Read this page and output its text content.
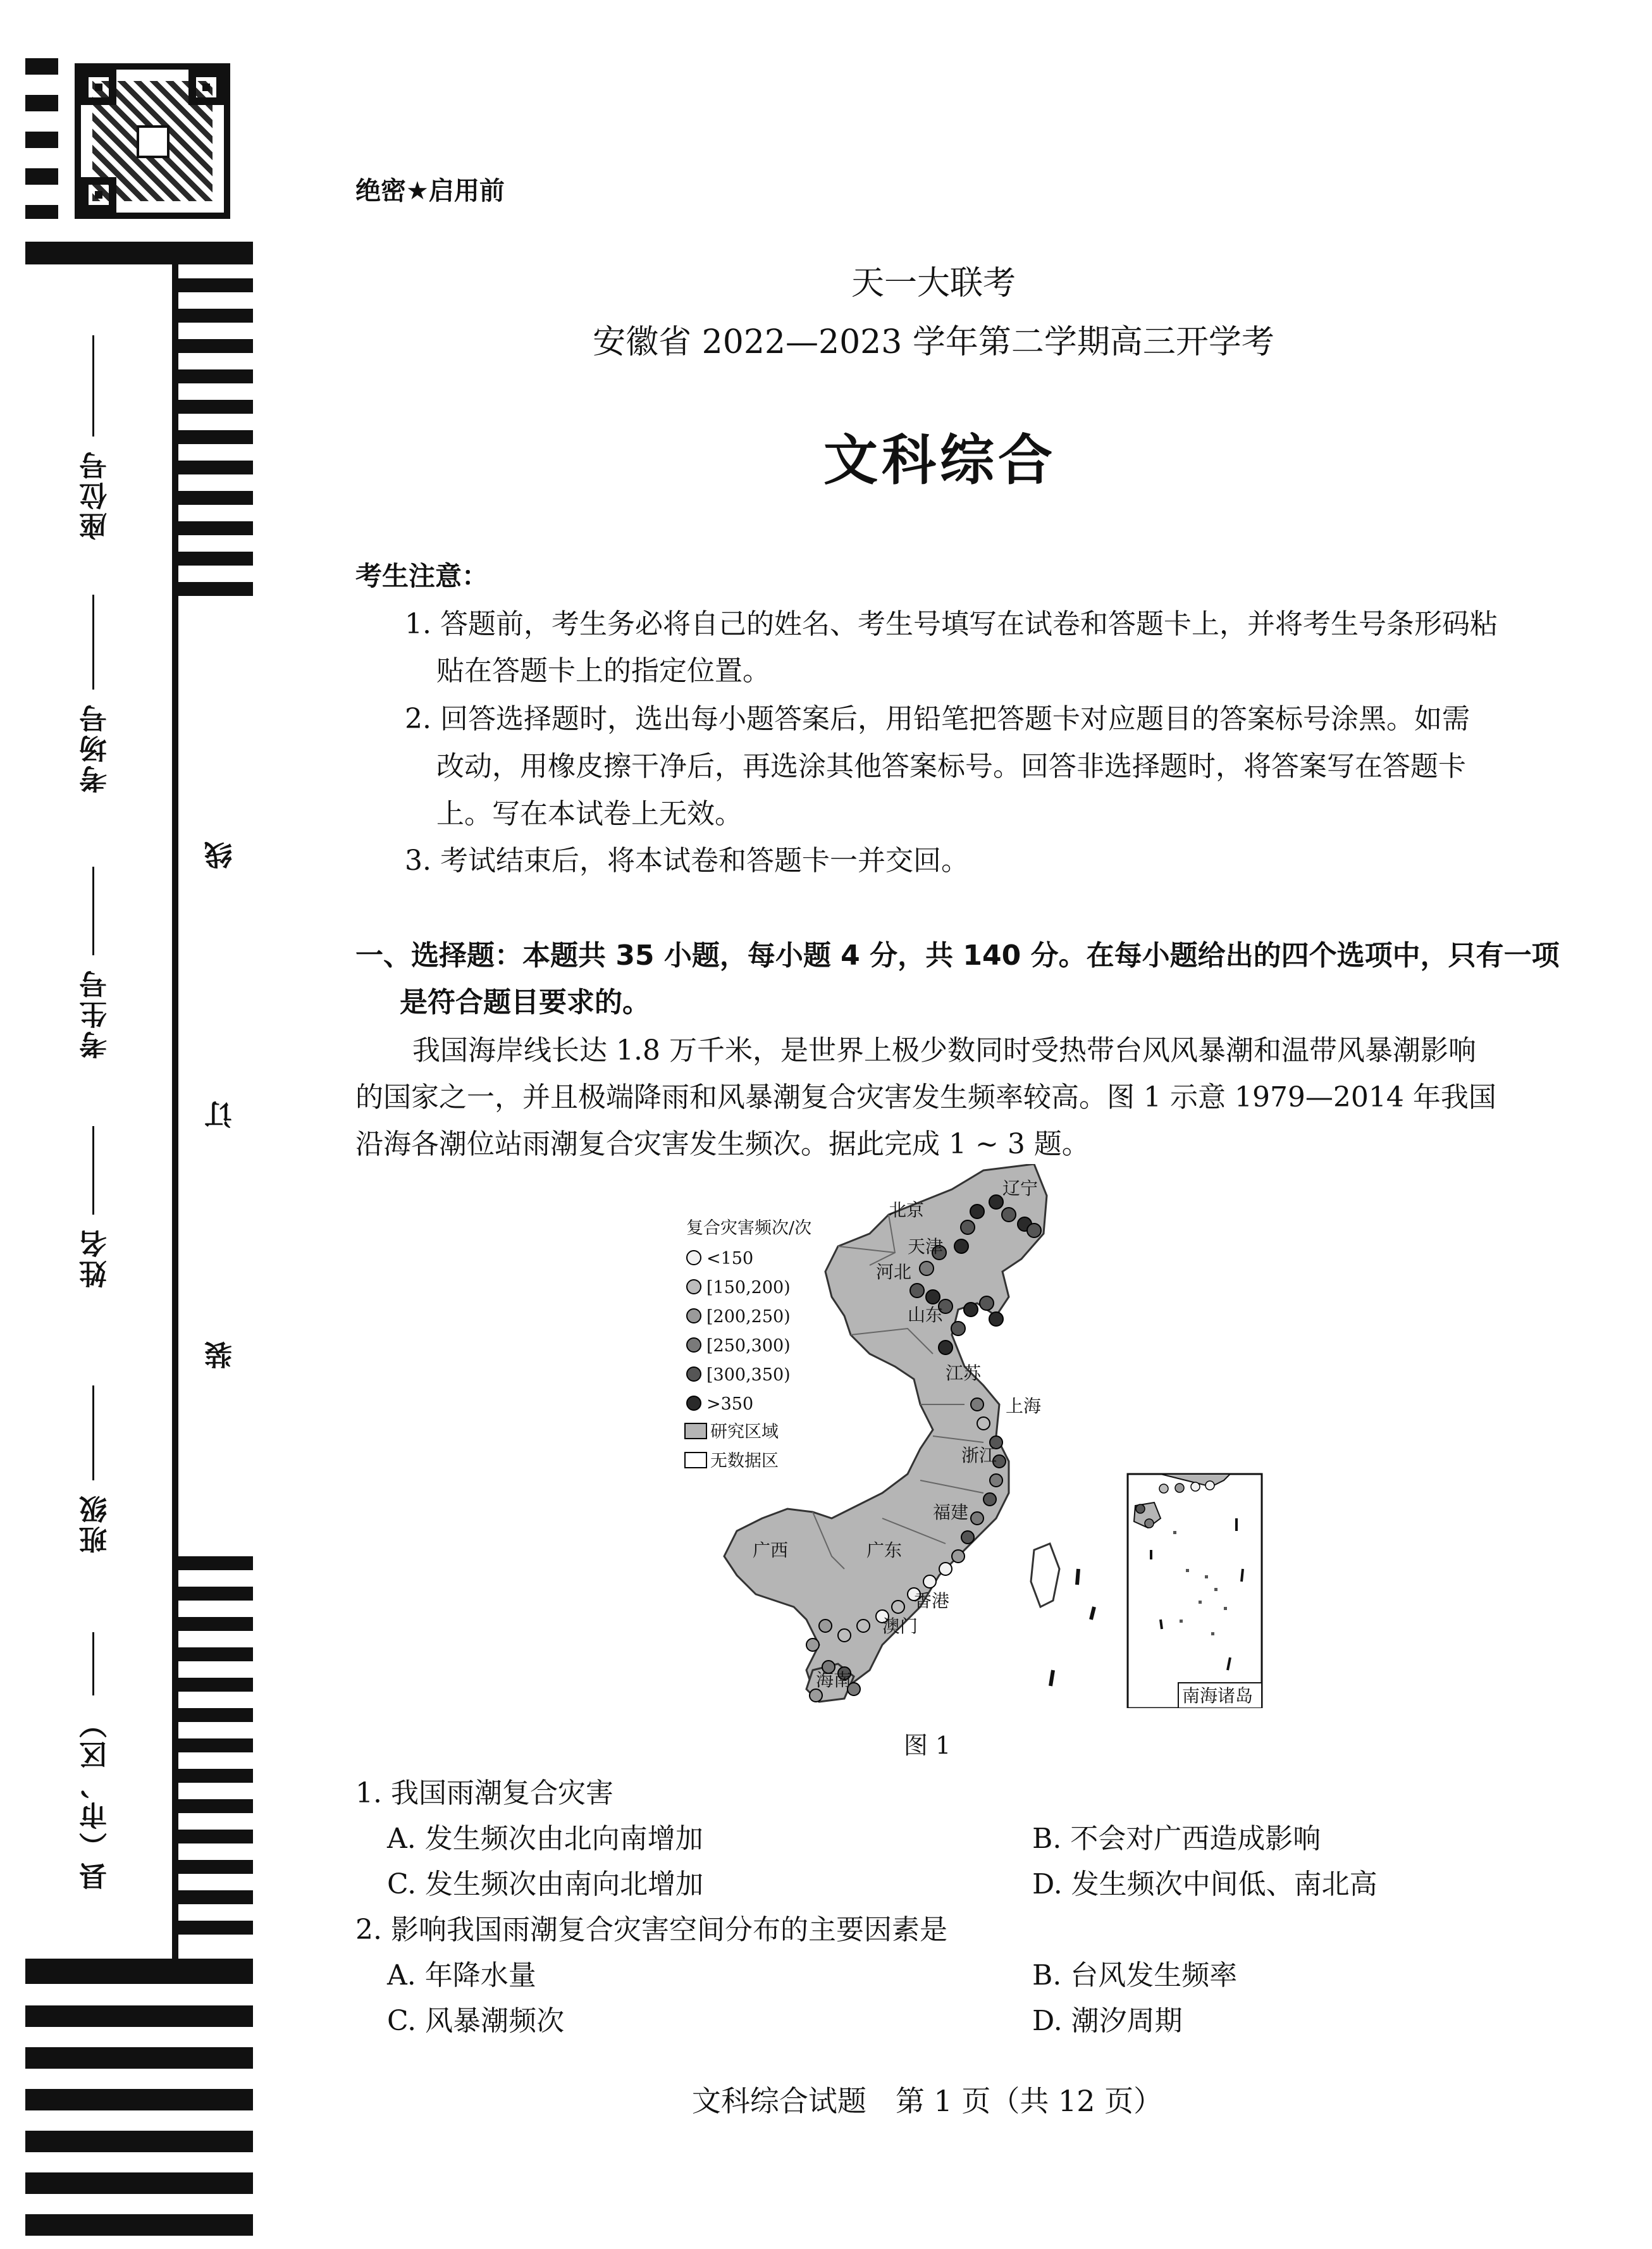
座位号
考场号
考生号
姓名
班级
县（市、区）
线
订
装
绝密★启用前
天一大联考
安徽省 2022—2023 学年第二学期高三开学考
文科综合
考生注意：
1. 答题前，考生务必将自己的姓名、考生号填写在试卷和答题卡上，并将考生号条形码粘
贴在答题卡上的指定位置。
2. 回答选择题时，选出每小题答案后，用铅笔把答题卡对应题目的答案标号涂黑。如需
改动，用橡皮擦干净后，再选涂其他答案标号。回答非选择题时，将答案写在答题卡
上。写在本试卷上无效。
3. 考试结束后，将本试卷和答题卡一并交回。
一、选择题：本题共 35 小题，每小题 4 分，共 140 分。在每小题给出的四个选项中，只有一项
是符合题目要求的。
我国海岸线长达 1.8 万千米，是世界上极少数同时受热带台风风暴潮和温带风暴潮影响
的国家之一，并且极端降雨和风暴潮复合灾害发生频率较高。图 1 示意 1979—2014 年我国
沿海各潮位站雨潮复合灾害发生频次。据此完成 1 ~ 3 题。
辽宁
北京
天津
河北
山东
江苏
上海
浙江
福建
广东
广西
香港
澳门
海南
复合灾害频次/次
<150
[150,200)
[200,250)
[250,300)
[300,350)
>350
研究区域
无数据区
南海诸岛
图 1
1. 我国雨潮复合灾害
A. 发生频次由北向南增加	B. 不会对广西造成影响
C. 发生频次由南向北增加	D. 发生频次中间低、南北高
2. 影响我国雨潮复合灾害空间分布的主要因素是
A. 年降水量	B. 台风发生频率
C. 风暴潮频次	D. 潮汐周期
文科综合试题　第 1 页（共 12 页）
